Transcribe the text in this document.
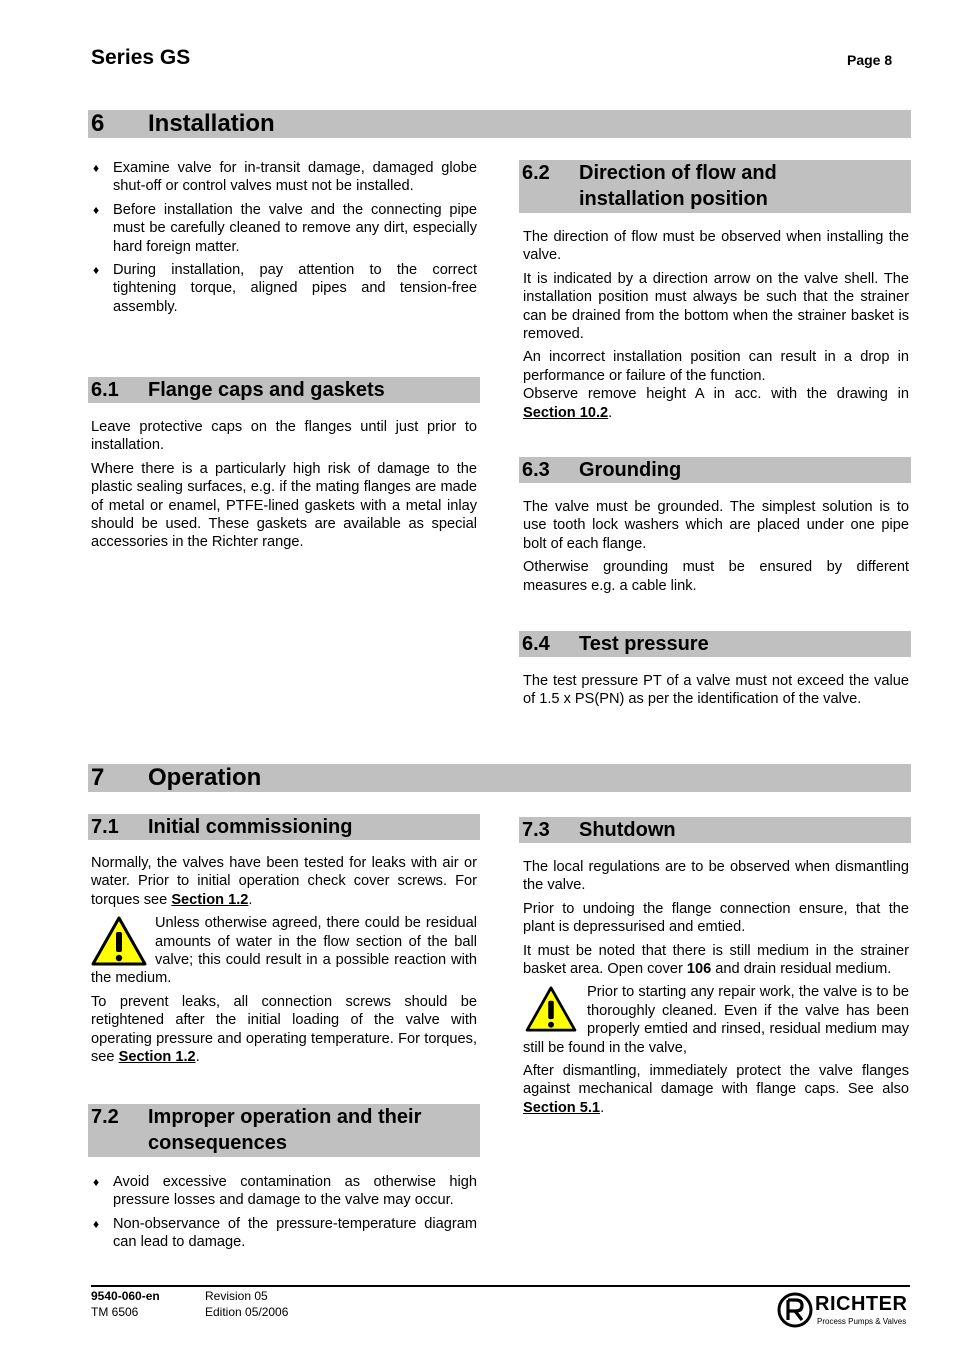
Series GS	Page 8
6 Installation
♦ Examine valve for in-transit damage, damaged globe shut-off or control valves must not be installed.
♦ Before installation the valve and the connecting pipe must be carefully cleaned to remove any dirt, especially hard foreign matter.
♦ During installation, pay attention to the correct tightening torque, aligned pipes and tension-free assembly.
6.1 Flange caps and gaskets

Leave protective caps on the flanges until just prior to installation.

Where there is a particularly high risk of damage to the plastic sealing surfaces, e.g. if the mating flanges are made of metal or enamel, PTFE-lined gaskets with a metal inlay should be used. These gaskets are available as special accessories in the Richter range.

6.2 Direction of flow and
installation position

The direction of flow must be observed when installing the valve.

It is indicated by a direction arrow on the valve shell. The installation position must always be such that the strainer can be drained from the bottom when the strainer basket is removed.

An incorrect installation position can result in a drop in performance or failure of the function.

Observe remove height A in acc. with the drawing in Section 10.2.

6.3 Grounding

The valve must be grounded. The simplest solution is to use tooth lock washers which are placed under one pipe bolt of each flange.

Otherwise grounding must be ensured by different measures e.g. a cable link.

6.4 Test pressure

The test pressure PT of a valve must not exceed the value of 1.5 x PS(PN) as per the identification of the valve.

7 Operation
7.1 Initial commissioning

Normally, the valves have been tested for leaks with air or water. Prior to initial operation check cover screws. For torques see Section 1.2.

Unless otherwise agreed, there could be residual amounts of water in the flow section of the ball valve; this could result in a possible reaction with the medium.

To prevent leaks, all connection screws should be retightened after the initial loading of the valve with operating pressure and operating temperature. For torques, see Section 1.2.

7.2 Improper operation and their
consequences
♦ Avoid excessive contamination as otherwise high pressure losses and damage to the valve may occur.
♦ Non-observance of the pressure-temperature diagram can lead to damage.
7.3 Shutdown

The local regulations are to be observed when dismantling the valve.

Prior to undoing the flange connection ensure, that the plant is depressurised and emtied.

It must be noted that there is still medium in the strainer basket area. Open cover 106 and drain residual medium.

Prior to starting any repair work, the valve is to be thoroughly cleaned. Even if the valve has been properly emtied and rinsed, residual medium may still be found in the valve,

After dismantling, immediately protect the valve flanges against mechanical damage with flange caps. See also Section 5.1.

9540-060-en
TM 6506
Revision 05
Edition 05/2006	RICHTER
Process Pumps & Valves
